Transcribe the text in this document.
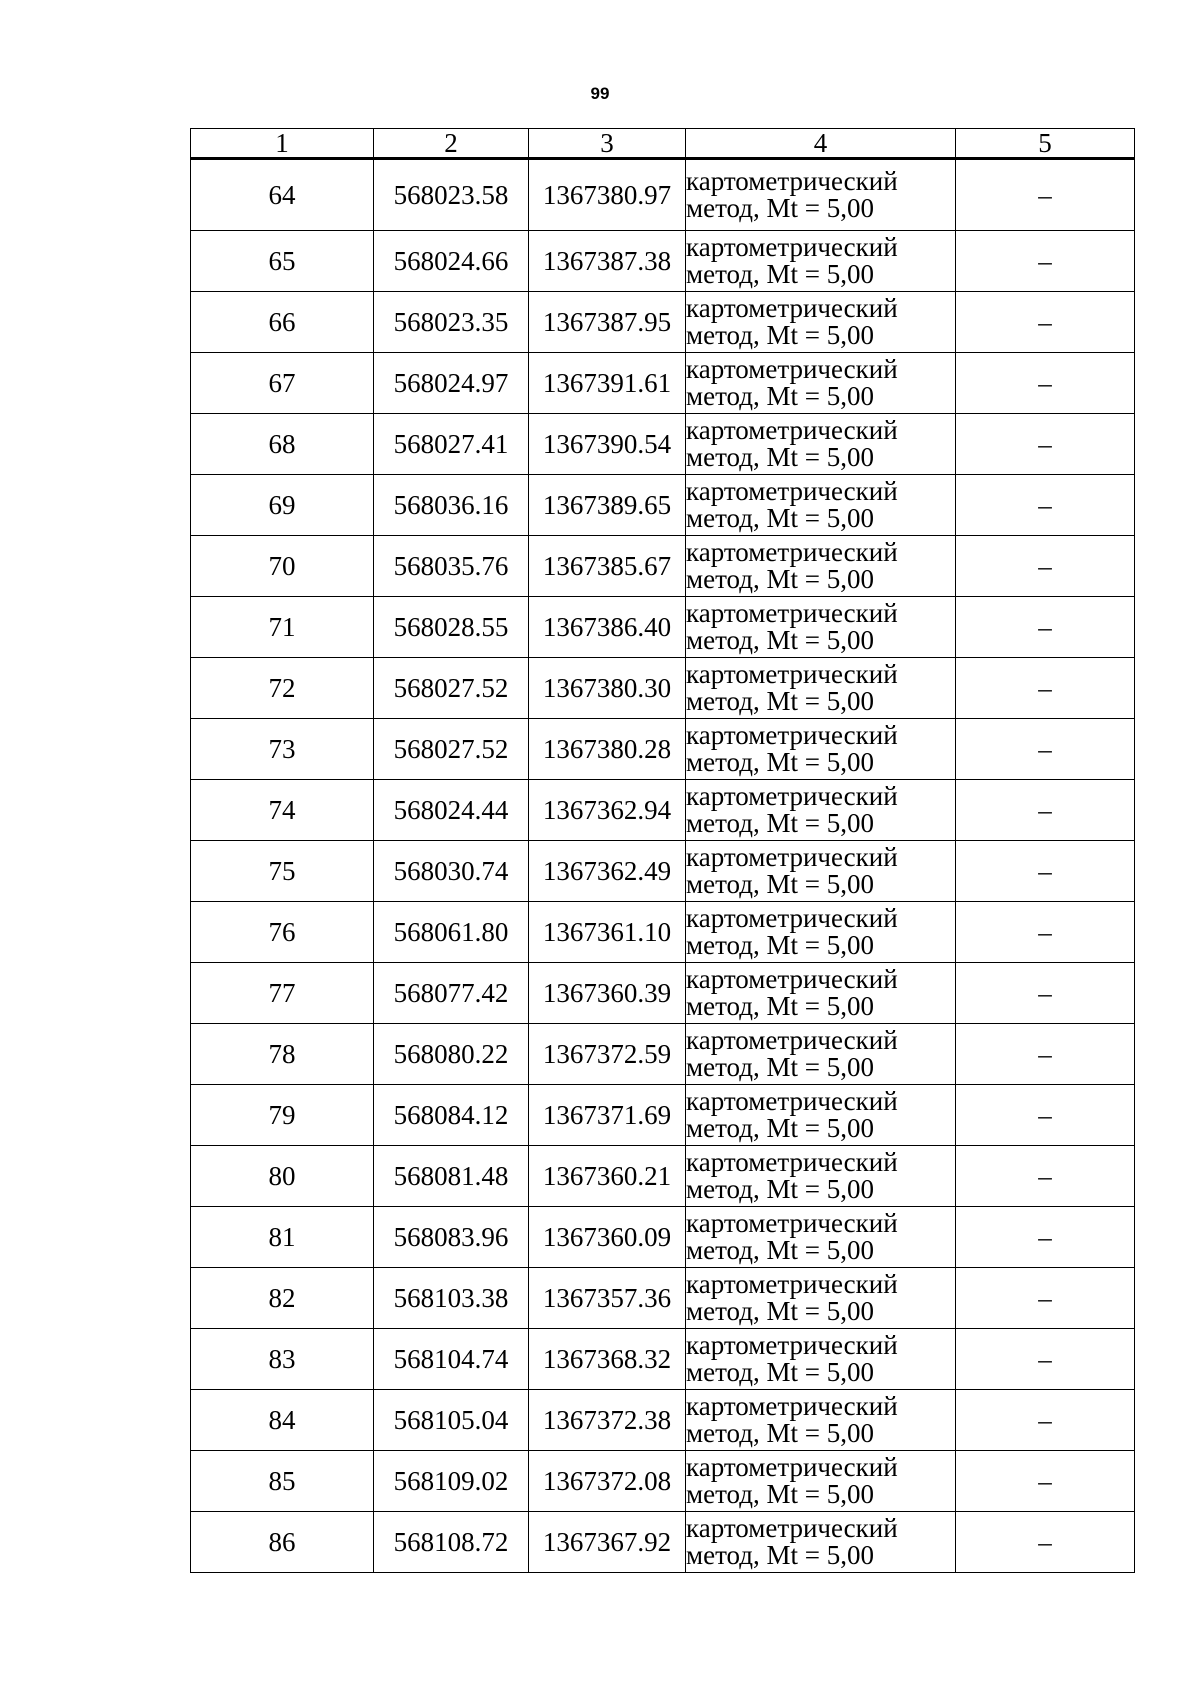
99
1	2	3	4	5
64	568023.58	1367380.97	картометрический
метод, Mt = 5,00	–
65	568024.66	1367387.38	картометрический
метод, Mt = 5,00	–
66	568023.35	1367387.95	картометрический
метод, Mt = 5,00	–
67	568024.97	1367391.61	картометрический
метод, Mt = 5,00	–
68	568027.41	1367390.54	картометрический
метод, Mt = 5,00	–
69	568036.16	1367389.65	картометрический
метод, Mt = 5,00	–
70	568035.76	1367385.67	картометрический
метод, Mt = 5,00	–
71	568028.55	1367386.40	картометрический
метод, Mt = 5,00	–
72	568027.52	1367380.30	картометрический
метод, Mt = 5,00	–
73	568027.52	1367380.28	картометрический
метод, Mt = 5,00	–
74	568024.44	1367362.94	картометрический
метод, Mt = 5,00	–
75	568030.74	1367362.49	картометрический
метод, Mt = 5,00	–
76	568061.80	1367361.10	картометрический
метод, Mt = 5,00	–
77	568077.42	1367360.39	картометрический
метод, Mt = 5,00	–
78	568080.22	1367372.59	картометрический
метод, Mt = 5,00	–
79	568084.12	1367371.69	картометрический
метод, Mt = 5,00	–
80	568081.48	1367360.21	картометрический
метод, Mt = 5,00	–
81	568083.96	1367360.09	картометрический
метод, Mt = 5,00	–
82	568103.38	1367357.36	картометрический
метод, Mt = 5,00	–
83	568104.74	1367368.32	картометрический
метод, Mt = 5,00	–
84	568105.04	1367372.38	картометрический
метод, Mt = 5,00	–
85	568109.02	1367372.08	картометрический
метод, Mt = 5,00	–
86	568108.72	1367367.92	картометрический
метод, Mt = 5,00	–
